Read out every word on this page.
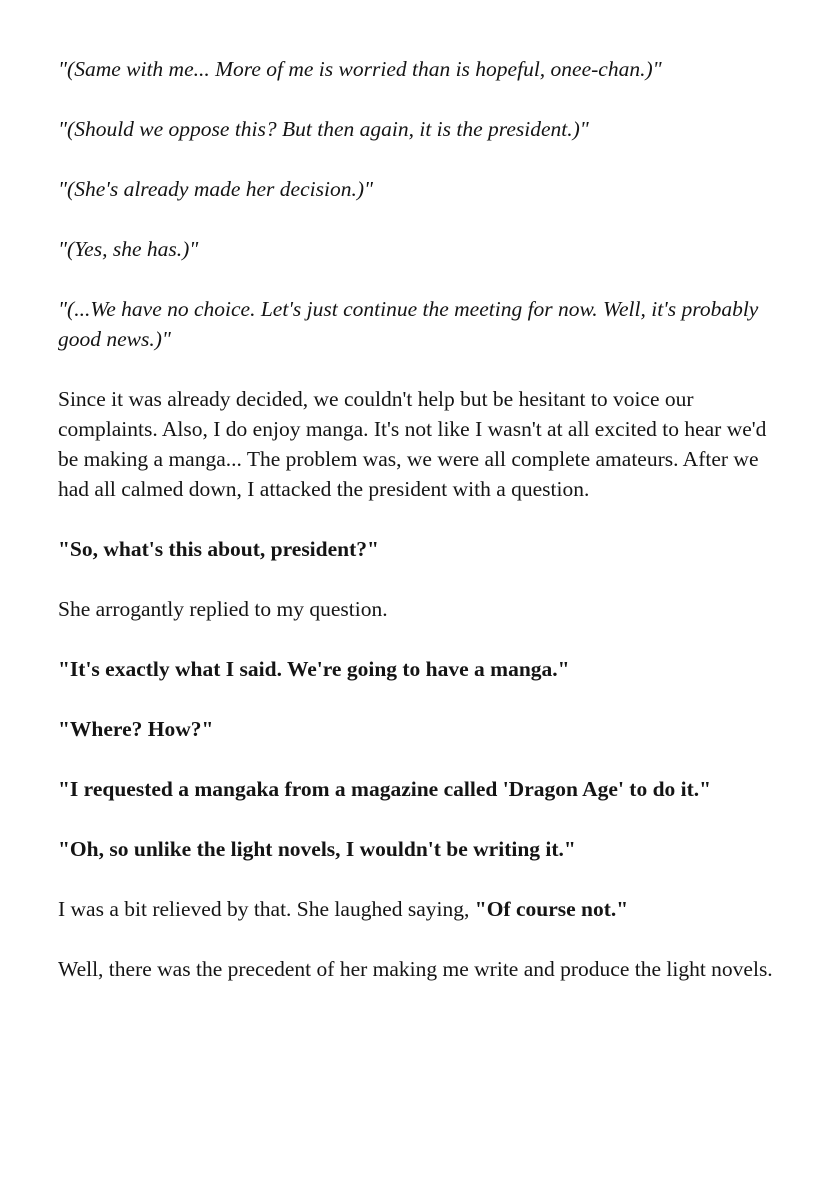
"(Same with me... More of me is worried than is hopeful, onee-chan.)"

"(Should we oppose this? But then again, it is the president.)"

"(She's already made her decision.)"

"(Yes, she has.)"

"(...We have no choice. Let's just continue the meeting for now. Well, it's probably good news.)"

Since it was already decided, we couldn't help but be hesitant to voice our complaints. Also, I do enjoy manga. It's not like I wasn't at all excited to hear we'd be making a manga... The problem was, we were all complete amateurs. After we had all calmed down, I attacked the president with a question.

"So, what's this about, president?"

She arrogantly replied to my question.

"It's exactly what I said. We're going to have a manga."

"Where? How?"

"I requested a mangaka from a magazine called 'Dragon Age' to do it."

"Oh, so unlike the light novels, I wouldn't be writing it."

I was a bit relieved by that. She laughed saying, "Of course not."

Well, there was the precedent of her making me write and produce the light novels.
